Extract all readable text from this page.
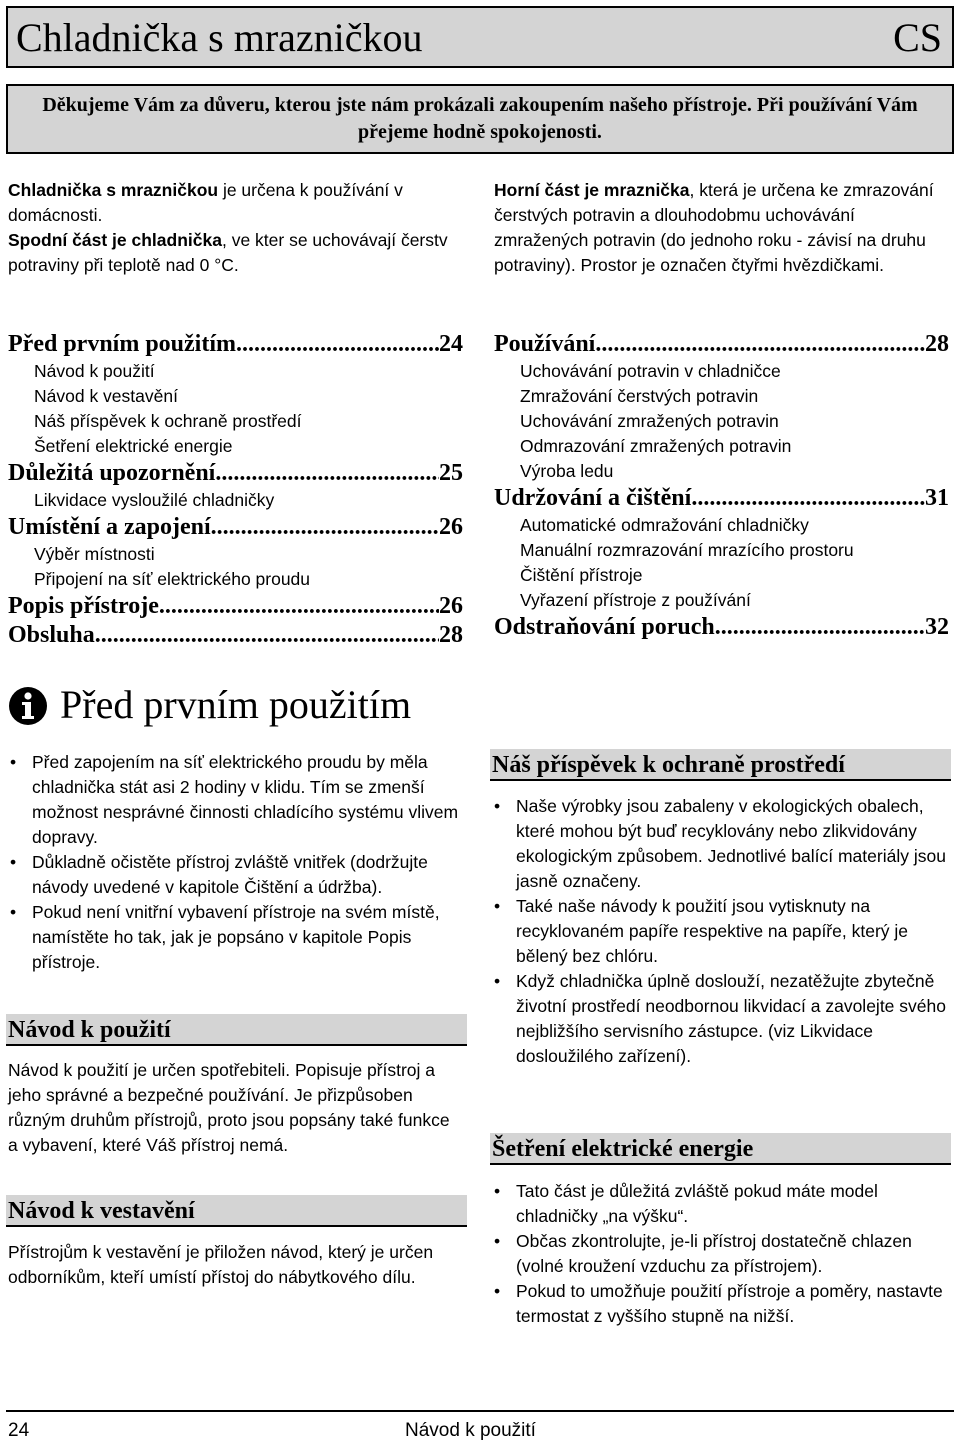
Chladnička s mrazničkou	CS
Děkujeme Vám za důveru, kterou jste nám prokázali zakoupením našeho přístroje. Při používání Vám přejeme hodně spokojenosti.
Chladnička s mrazničkou je určena k používání v domácnosti.
Spodní část je chladnička, ve kter se uchovávají čerstv potraviny při teplotě nad 0 °C.
Horní část je mraznička, která je určena ke zmrazování čerstvých potravin a dlouhodobmu uchovávání zmražených potravin (do jednoho roku - závisí na druhu potraviny). Prostor je označen čtyřmi hvězdičkami.
Před prvním použitím .....	24
Návod k použití
Návod k vestavění
Náš příspěvek k ochraně prostředí
Šetření elektrické energie
Důležitá upozornění .....	25
Likvidace vysloužilé chladničky
Umístění a zapojení .....	26
Výběr místnosti
Připojení na síť elektrického proudu
Popis přístroje .....	26
Obsluha .....	28
Používání .....	28
Uchovávání potravin v chladničce
Zmražování čerstvých potravin
Uchovávání zmražených potravin
Odmrazování zmražených potravin
Výroba ledu
Udržování a čištění .....	31
Automatické odmražování chladničky
Manuální rozmrazování mrazícího prostoru
Čištění přístroje
Vyřazení přístroje z používání
Odstraňování poruch .....	32
Před prvním použitím
• Před zapojením na síť elektrického proudu by měla chladnička stát asi 2 hodiny v klidu. Tím se zmenší možnost nesprávné činnosti chladícího systému vlivem dopravy.
• Důkladně očistěte přístroj zvláště vnitřek (dodržujte návody uvedené v kapitole Čištění a údržba).
• Pokud není vnitřní vybavení přístroje na svém místě, namístěte ho tak, jak je popsáno v kapitole Popis přístroje.
Návod k použití
Návod k použití je určen spotřebiteli. Popisuje přístroj a jeho správné a bezpečné používání. Je přizpůsoben různým druhům přístrojů, proto jsou popsány také funkce a vybavení, které Váš přístroj nemá.
Návod k vestavění
Přístrojům k vestavění je přiložen návod, který je určen odborníkům, kteří umístí přístoj do nábytkového dílu.
Náš příspěvek k ochraně prostředí
• Naše výrobky jsou zabaleny v ekologických obalech, které mohou být buď recyklovány nebo zlikvidovány ekologickým způsobem. Jednotlivé balící materiály jsou jasně označeny.
• Také naše návody k použití jsou vytisknuty na recyklovaném papíře respektive na papíře, který je bělený bez chlóru.
• Když chladnička úplně doslouží, nezatěžujte zbytečně životní prostředí neodbornou likvidací a zavolejte svého nejbližšího servisního zástupce. (viz Likvidace dosloužilého zařízení).
Šetření elektrické energie
• Tato část je důležitá zvláště pokud máte model chladničky „na výšku“.
• Občas zkontrolujte, je-li přístroj dostatečně chlazen (volné kroužení vzduchu za přístrojem).
• Pokud to umožňuje použití přístroje a poměry, nastavte termostat z vyššího stupně na nižší.
24	Návod k použití
